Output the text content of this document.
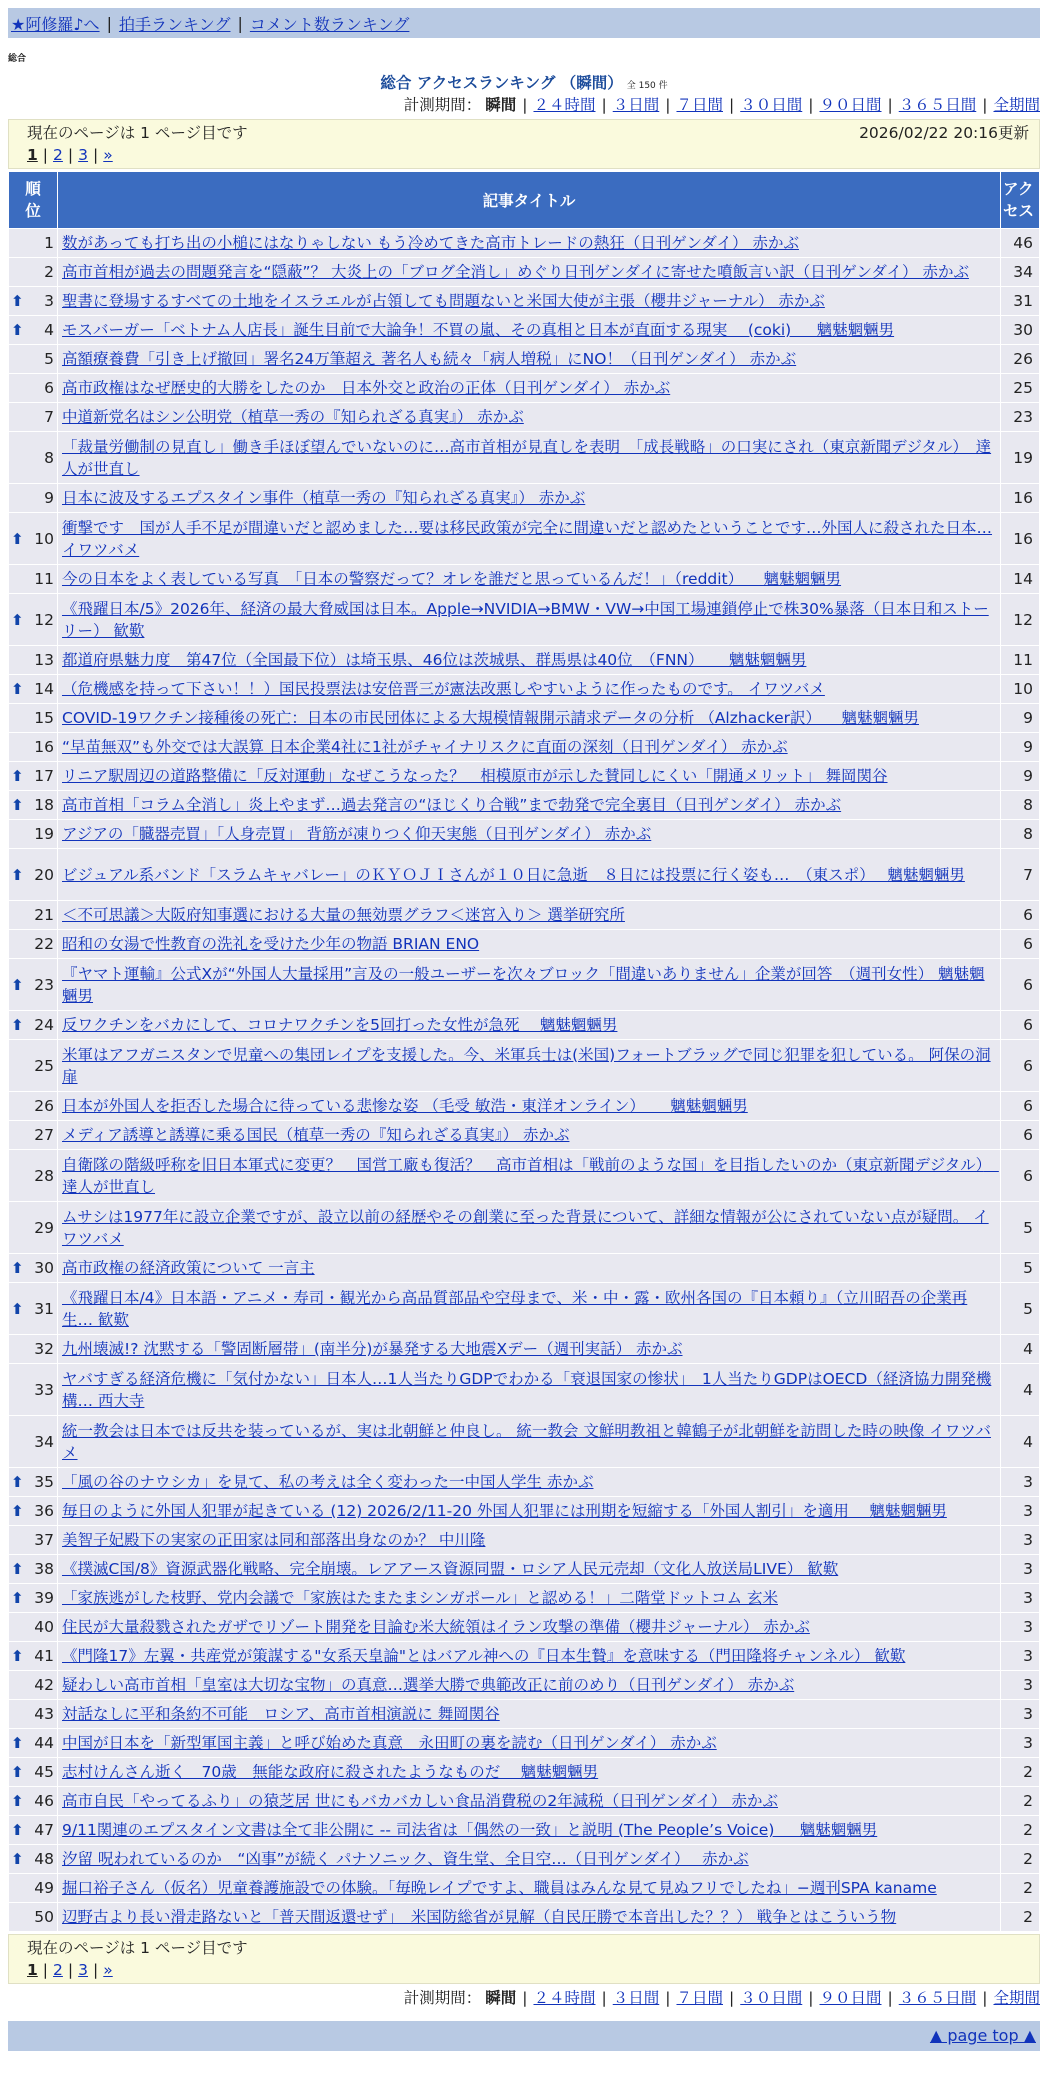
★阿修羅♪へ | 拍手ランキング | コメント数ランキング
総合
総合 アクセスランキング （瞬間） 全 150 件
計測期間： 瞬間 | ２４時間 | ３日間 | ７日間 | ３０日間 | ９０日間 | ３６５日間 | 全期間
現在のページは 1 ページ目です	2026/02/22 20:16更新
1 | 2 | 3 | »
順位	記事タイトル	アクセス
1	数があっても打ち出の小槌にはなりゃしない もう冷めてきた高市トレードの熱狂（日刊ゲンダイ） 赤かぶ	46
2	高市首相が過去の問題発言を“隠蔽”？ 大炎上の「ブログ全消し」めぐり日刊ゲンダイに寄せた噴飯言い訳（日刊ゲンダイ） 赤かぶ	34

⬆ 3	聖書に登場するすべての土地をイスラエルが占領しても問題ないと米国大使が主張（櫻井ジャーナル） 赤かぶ	31

⬆ 4	モスバーガー「ベトナム人店長」誕生目前で大論争！不買の嵐、その真相と日本が直面する現実 　(coki) 　 魑魅魍魎男	30
5	高額療養費「引き上げ撤回」署名24万筆超え 著名人も続々「病人増税」にNO！（日刊ゲンダイ） 赤かぶ	26
6	高市政権はなぜ歴史的大勝をしたのか　日本外交と政治の正体（日刊ゲンダイ） 赤かぶ	25
7	中道新党名はシン公明党（植草一秀の『知られざる真実』） 赤かぶ	23
8	「裁量労働制の見直し」働き手ほぼ望んでいないのに…高市首相が見直しを表明　「成長戦略」の口実にされ（東京新聞デジタル）　達人が世直し	19
9	日本に波及するエプスタイン事件（植草一秀の『知られざる真実』） 赤かぶ	16

⬆ 10	衝撃です　国が人手不足が間違いだと認めました…要は移民政策が完全に間違いだと認めたということです…外国人に殺された日本… イワツバメ	16
11	今の日本をよく表している写真　「日本の警察だって？オレを誰だと思っているんだ！」（reddit） 　魑魅魍魎男	14

⬆ 12	《飛躍日本/5》2026年、経済の最大脅威国は日本。Apple→NVIDIA→BMW・VW→中国工場連鎖停止で株30%暴落（日本日和ストーリー） 歓歎	12
13	都道府県魅力度　第47位（全国最下位）は埼玉県、46位は茨城県、群馬県は40位　（FNN） 　 魑魅魍魎男	11

⬆ 14	（危機感を持って下さい！！）国民投票法は安倍晋三が憲法改悪しやすいように作ったものです。 イワツバメ	10
15	COVID-19ワクチン接種後の死亡：日本の市民団体による大規模情報開示請求データの分析 （Alzhacker訳） 　魑魅魍魎男	9
16	“早苗無双”も外交では大誤算 日本企業4社に1社がチャイナリスクに直面の深刻（日刊ゲンダイ） 赤かぶ	9

⬆ 17	リニア駅周辺の道路整備に「反対運動」なぜこうなった？　相模原市が示した賛同しにくい「開通メリット」 舞岡関谷	9

⬆ 18	高市首相「コラム全消し」炎上やまず…過去発言の“ほじくり合戦”まで勃発で完全裏目（日刊ゲンダイ） 赤かぶ	8
19	アジアの「臓器売買」「人身売買」 背筋が凍りつく仰天実態（日刊ゲンダイ） 赤かぶ	8

⬆ 20	ビジュアル系バンド「スラムキャバレー」のＫＹＯＪＩさんが１０日に急逝　８日には投票に行く姿も…　（東スポ）　 魑魅魍魎男	7
21	＜不可思議＞大阪府知事選における大量の無効票グラフ＜迷宮入り＞ 選挙研究所	6
22	昭和の女湯で性教育の洗礼を受けた少年の物語 BRIAN ENO	6

⬆ 23	『ヤマト運輸』公式Xが“外国人大量採用”言及の一般ユーザーを次々ブロック「間違いありません」企業が回答　（週刊女性） 魑魅魍魎男	6

⬆ 24	反ワクチンをバカにして、コロナワクチンを5回打った女性が急死　 魑魅魍魎男	6
25	米軍はアフガニスタンで児童への集団レイプを支援した。今、米軍兵士は(米国)フォートブラッグで同じ犯罪を犯している。 阿保の洞扉	6
26	日本が外国人を拒否した場合に待っている悲惨な姿 （毛受 敏浩・東洋オンライン） 　 魑魅魍魎男	6
27	メディア誘導と誘導に乗る国民（植草一秀の『知られざる真実』） 赤かぶ	6
28	自衛隊の階級呼称を旧日本軍式に変更？　国営工廠も復活？　高市首相は「戦前のような国」を目指したいのか（東京新聞デジタル）　達人が世直し	6
29	ムサシは1977年に設立企業ですが、設立以前の経歴やその創業に至った背景について、詳細な情報が公にされていない点が疑問。 イワツバメ	5

⬆ 30	高市政権の経済政策について 一言主	5

⬆ 31	《飛躍日本/4》日本語・アニメ・寿司・観光から高品質部品や空母まで、米・中・露・欧州各国の『日本頼り』（立川昭吾の企業再生… 歓歎	5
32	九州壊滅!? 沈黙する「警固断層帯」(南半分)が暴発する大地震Xデー（週刊実話） 赤かぶ	4
33	ヤバすぎる経済危機に「気付かない」日本人…1人当たりGDPでわかる「衰退国家の惨状」　1人当たりGDPはOECD（経済協力開発機構… 西大寺	4
34	統一教会は日本では反共を装っているが、実は北朝鮮と仲良し。 統一教会 文鮮明教祖と韓鶴子が北朝鮮を訪問した時の映像 イワツバメ	4

⬆ 35	「風の谷のナウシカ」を見て、私の考えは全く変わった一中国人学生 赤かぶ	3

⬆ 36	毎日のように外国人犯罪が起きている (12) 2026/2/11-20 外国人犯罪には刑期を短縮する「外国人割引」を適用　 魑魅魍魎男	3
37	美智子妃殿下の実家の正田家は同和部落出身なのか？ 中川隆	3

⬆ 38	《撲滅C国/8》資源武器化戦略、完全崩壊。レアアース資源同盟・ロシア人民元売却（文化人放送局LIVE） 歓歎	3

⬆ 39	「家族逃がした枝野、党内会議で「家族はたまたまシンガポール」と認める！」二階堂ドットコム 玄米	3
40	住民が大量殺戮されたガザでリゾート開発を目論む米大統領はイラン攻撃の準備（櫻井ジャーナル） 赤かぶ	3

⬆ 41	《門隆17》左翼・共産党が策謀する"女系天皇論"とはバアル神への『日本生贄』を意味する（門田隆将チャンネル） 歓歎	3
42	疑わしい高市首相「皇室は大切な宝物」の真意…選挙大勝で典範改正に前のめり（日刊ゲンダイ） 赤かぶ	3
43	対話なしに平和条約不可能　ロシア、高市首相演説に 舞岡関谷	3

⬆ 44	中国が日本を「新型軍国主義」と呼び始めた真意　永田町の裏を読む（日刊ゲンダイ） 赤かぶ	3

⬆ 45	志村けんさん逝く　70歳　無能な政府に殺されたようなものだ　 魑魅魍魎男	2

⬆ 46	高市自民「やってるふり」の猿芝居 世にもバカバカしい食品消費税の2年減税（日刊ゲンダイ） 赤かぶ	2

⬆ 47	9/11関連のエプスタイン文書は全て非公開に -- 司法省は「偶然の一致」と説明 (The People’s Voice) 　 魑魅魍魎男	2

⬆ 48	汐留 呪われているのか　“凶事”が続く パナソニック、資生堂、全日空…（日刊ゲンダイ）　 赤かぶ	2
49	掘口裕子さん（仮名）児童養護施設での体験。「毎晩レイプですよ、職員はみんな見て見ぬフリでしたね」−週刊SPA kaname	2
50	辺野古より長い滑走路ないと「普天間返還せず」　米国防総省が見解（自民圧勝で本音出した？？） 戦争とはこういう物	2
現在のページは 1 ページ目です
1 | 2 | 3 | »
計測期間： 瞬間 | ２４時間 | ３日間 | ７日間 | ３０日間 | ９０日間 | ３６５日間 | 全期間
▲ page top ▲
